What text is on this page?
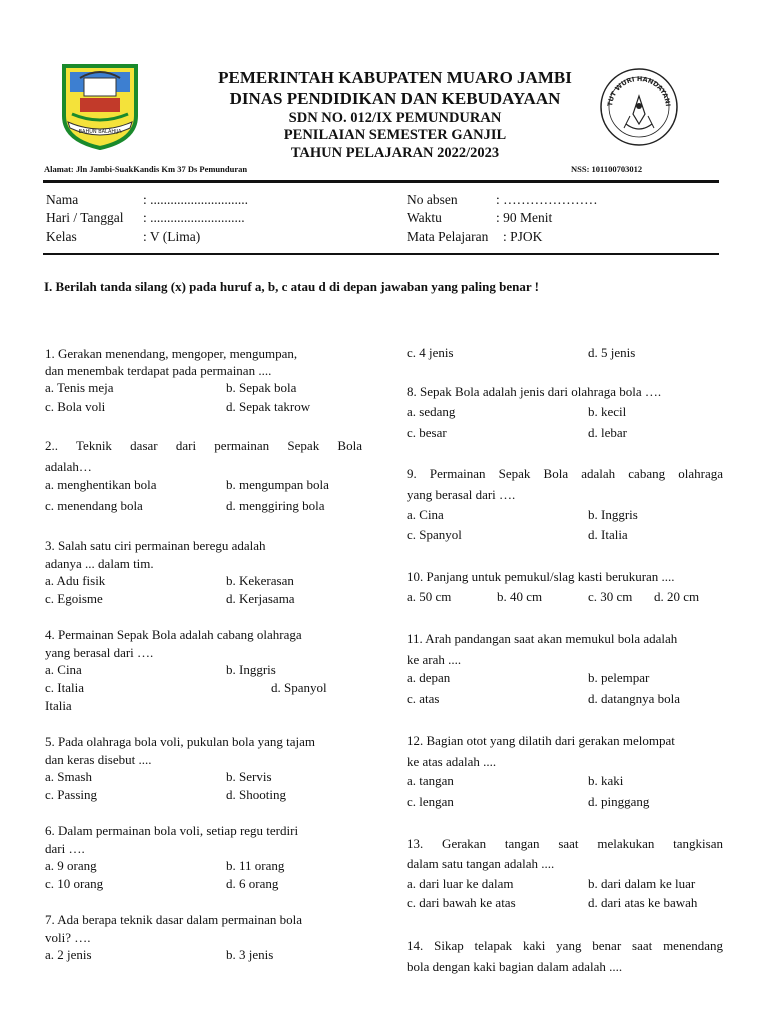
BAHUN BALAHIJA
TUT WURI HANDAYANI
PEMERINTAH KABUPATEN MUARO JAMBI
DINAS PENDIDIKAN DAN KEBUDAYAAN
SDN NO. 012/IX PEMUNDURAN
PENILAIAN SEMESTER GANJIL
TAHUN PELAJARAN 2022/2023
Alamat: Jln Jambi-SuakKandis Km 37 Ds Pemunduran	NSS: 101100703012
Nama	: .............................
Hari / Tanggal : ............................
Kelas	: V (Lima)
No absen	: …………………
Waktu	: 90 Menit
Mata Pelajaran : PJOK
I. Berilah tanda silang (x) pada huruf a, b, c atau d di depan jawaban yang paling benar !
1. Gerakan menendang, mengoper, mengumpan,
dan menembak terdapat pada permainan ....
a. Tenis meja	b. Sepak bola
c. Bola voli	d. Sepak takrow
2.. Teknik dasar dari permainan Sepak Bola
adalah…
a. menghentikan bola	b. mengumpan bola
c. menendang bola	d. menggiring bola
3. Salah satu ciri permainan beregu adalah
adanya ... dalam tim.
a. Adu fisik	b. Kekerasan
c. Egoisme	d. Kerjasama
4. Permainan Sepak Bola adalah cabang olahraga
yang berasal dari ….
a. Cina	b. Inggris
c. Italia	d. Spanyol
Italia
5. Pada olahraga bola voli, pukulan bola yang tajam
dan keras disebut ....
a. Smash	b. Servis
c. Passing	d. Shooting
6. Dalam permainan bola voli, setiap regu terdiri
dari ….
a. 9 orang	b. 11 orang
c. 10 orang	d. 6 orang
7. Ada berapa teknik dasar dalam permainan bola
voli? ….
a. 2 jenis	b. 3 jenis
c. 4 jenis	d. 5 jenis
8. Sepak Bola adalah jenis dari olahraga bola ….
a. sedang	b. kecil
c. besar	d. lebar
9. Permainan Sepak Bola adalah cabang olahraga
yang berasal dari ….
a. Cina	b. Inggris
c. Spanyol	d. Italia
10. Panjang untuk pemukul/slag kasti berukuran ....
a. 50 cm	b. 40 cm	c. 30 cm d. 20 cm
11. Arah pandangan saat akan memukul bola adalah
ke arah ....
a. depan	b. pelempar
c. atas	d. datangnya bola
12. Bagian otot yang dilatih dari gerakan melompat
ke atas adalah ....
a. tangan	b. kaki
c. lengan	d. pinggang
13. Gerakan tangan saat melakukan tangkisan
dalam satu tangan adalah ....
a. dari luar ke dalam	b. dari dalam ke luar
c. dari bawah ke atas	d. dari atas ke bawah
14. Sikap telapak kaki yang benar saat menendang
bola dengan kaki bagian dalam adalah ....
